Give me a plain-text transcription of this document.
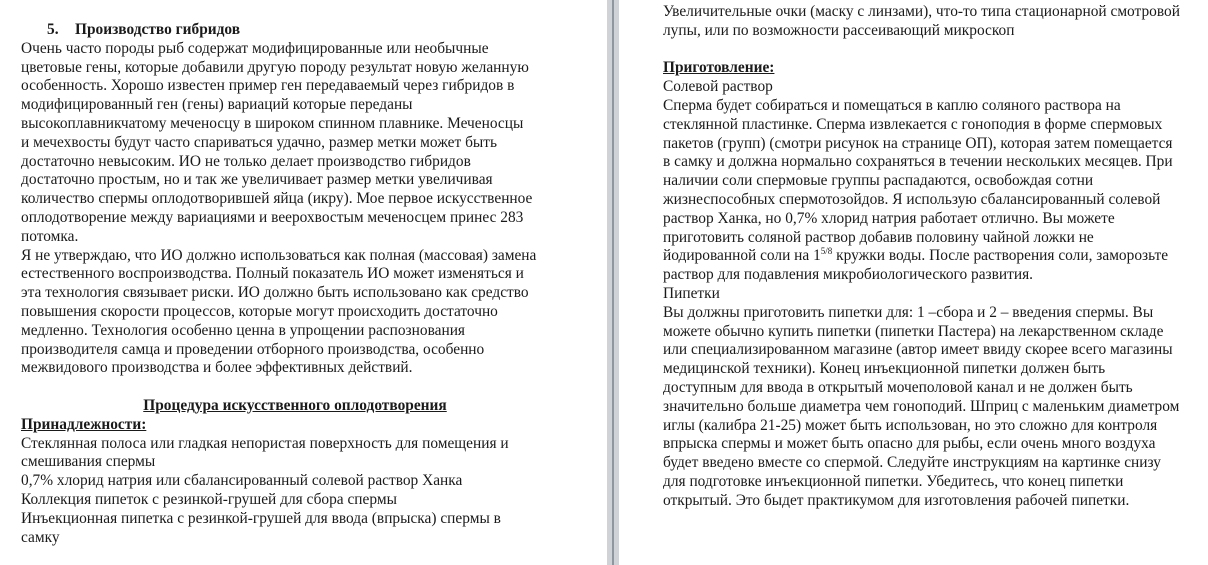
5. Производство гибридов
Очень часто породы рыб содержат модифицированные или необычные
цветовые гены, которые добавили другую породу результат новую желанную
особенность. Хорошо известен пример ген передаваемый через гибридов в
модифицированный ген (гены) вариаций которые переданы
высокоплавникчатому меченосцу в широком спинном плавнике. Меченосцы
и мечехвосты будут часто спариваться удачно, размер метки может быть
достаточно невысоким. ИО не только делает производство гибридов
достаточно простым, но и так же увеличивает размер метки увеличивая
количество спермы оплодотворившей яйца (икру). Мое первое искусственное
оплодотворение между вариациями и веерохвостым меченосцем принес 283
потомка.
Я не утверждаю, что ИО должно использоваться как полная (массовая) замена
естественного воспроизводства. Полный показатель ИО может изменяться и
эта технология связывает риски. ИО должно быть использовано как средство
повышения скорости процессов, которые могут происходить достаточно
медленно. Технология особенно ценна в упрощении распознования
производителя самца и проведении отборного производства, особенно
межвидового производства и более эффективных действий.
Процедура искусственного оплодотворения
Принадлежности:
Стеклянная полоса или гладкая непористая поверхность для помещения и
смешивания спермы
0,7% хлорид натрия или сбалансированный солевой раствор Ханка
Коллекция пипеток с резинкой-грушей для сбора спермы
Инъекционная пипетка с резинкой-грушей для ввода (впрыска) спермы в
самку
Увеличительные очки (маску с линзами), что-то типа стационарной смотровой
лупы, или по возможности рассеивающий микроскоп
Приготовление:
Солевой раствор
Сперма будет собираться и помещаться в каплю соляного раствора на
стеклянной пластинке. Сперма извлекается с гоноподия в форме спермовых
пакетов (групп) (смотри рисунок на странице ОП), которая затем помещается
в самку и должна нормально сохраняться в течении нескольких месяцев. При
наличии соли спермовые группы распадаются, освобождая сотни
жизнеспособных спермотозойдов. Я использую сбалансированный солевой
раствор Ханка, но 0,7% хлорид натрия работает отлично. Вы можете
приготовить соляной раствор добавив половину чайной ложки не
йодированной соли на $1^{5/8}$ кружки воды. После растворения соли, заморозьте
раствор для подавления микробиологического развития.
Пипетки
Вы должны приготовить пипетки для: 1 –сбора и 2 – введения спермы. Вы
можете обычно купить пипетки (пипетки Пастера) на лекарственном складе
или специализированном магазине (автор имеет ввиду скорее всего магазины
медицинской техники). Конец инъекционной пипетки должен быть
доступным для ввода в открытый мочеполовой канал и не должен быть
значительно больше диаметра чем гоноподий. Шприц с маленьким диаметром
иглы (калибра 21-25) может быть использован, но это сложно для контроля
впрыска спермы и может быть опасно для рыбы, если очень много воздуха
будет введено вместе со спермой. Следуйте инструкциям на картинке снизу
для подготовке инъекционной пипетки. Убедитесь, что конец пипетки
открытый. Это быдет практикумом для изготовления рабочей пипетки.
